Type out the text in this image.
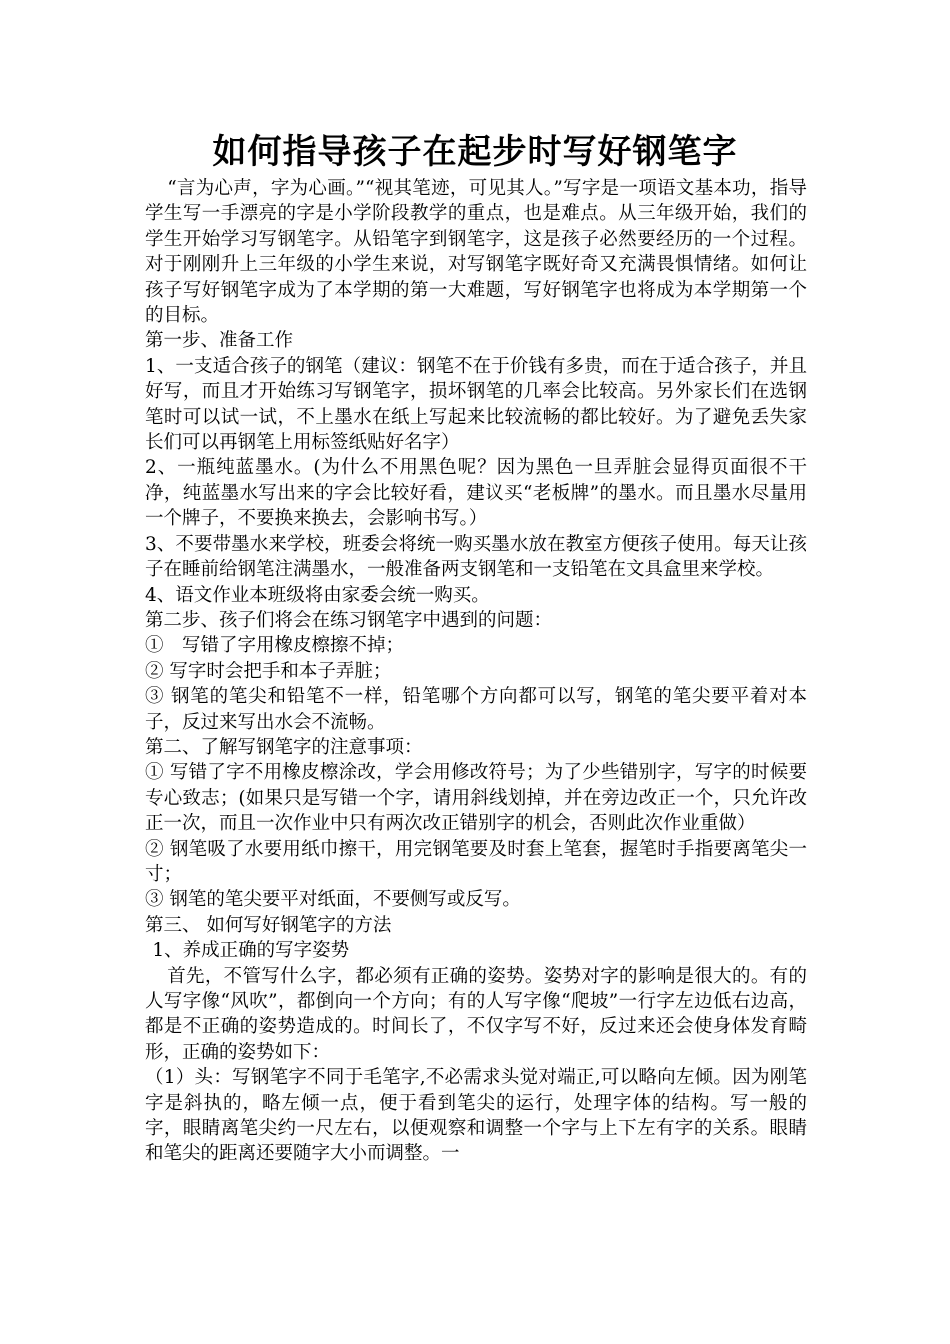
如何指导孩子在起步时写好钢笔字

“言为心声，字为心画。”“视其笔迹，可见其人。”写字是一项语文基本功，指导学生写一手漂亮的字是小学阶段教学的重点，也是难点。从三年级开始，我们的学生开始学习写钢笔字。从铅笔字到钢笔字，这是孩子必然要经历的一个过程。对于刚刚升上三年级的小学生来说，对写钢笔字既好奇又充满畏惧情绪。如何让孩子写好钢笔字成为了本学期的第一大难题，写好钢笔字也将成为本学期第一个的目标。

第一步、准备工作

1、一支适合孩子的钢笔（建议：钢笔不在于价钱有多贵，而在于适合孩子，并且好写，而且才开始练习写钢笔字，损坏钢笔的几率会比较高。另外家长们在选钢笔时可以试一试，不上墨水在纸上写起来比较流畅的都比较好。为了避免丢失家长们可以再钢笔上用标签纸贴好名字）

2、一瓶纯蓝墨水。(为什么不用黑色呢？因为黑色一旦弄脏会显得页面很不干净，纯蓝墨水写出来的字会比较好看，建议买“老板牌”的墨水。而且墨水尽量用一个牌子，不要换来换去，会影响书写。）

3、不要带墨水来学校，班委会将统一购买墨水放在教室方便孩子使用。每天让孩子在睡前给钢笔注满墨水，一般准备两支钢笔和一支铅笔在文具盒里来学校。

4、语文作业本班级将由家委会统一购买。

第二步、孩子们将会在练习钢笔字中遇到的问题：

①　写错了字用橡皮檫擦不掉；

② 写字时会把手和本子弄脏；

③ 钢笔的笔尖和铅笔不一样，铅笔哪个方向都可以写，钢笔的笔尖要平着对本子，反过来写出水会不流畅。

第二、了解写钢笔字的注意事项：

① 写错了字不用橡皮檫涂改，学会用修改符号；为了少些错别字，写字的时候要专心致志；(如果只是写错一个字，请用斜线划掉，并在旁边改正一个，只允许改正一次，而且一次作业中只有两次改正错别字的机会，否则此次作业重做）

② 钢笔吸了水要用纸巾擦干，用完钢笔要及时套上笔套，握笔时手指要离笔尖一寸；

③ 钢笔的笔尖要平对纸面，不要侧写或反写。

第三、 如何写好钢笔字的方法

1、养成正确的写字姿势

首先，不管写什么字，都必须有正确的姿势。姿势对字的影响是很大的。有的人写字像“风吹”，都倒向一个方向；有的人写字像“爬坡”一行字左边低右边高，都是不正确的姿势造成的。时间长了，不仅字写不好，反过来还会使身体发育畸形，正确的姿势如下：

（1）头：写钢笔字不同于毛笔字,不必需求头觉对端正,可以略向左倾。因为刚笔字是斜执的，略左倾一点，便于看到笔尖的运行，处理字体的结构。写一般的字，眼睛离笔尖约一尺左右，以便观察和调整一个字与上下左有字的关系。眼睛和笔尖的距离还要随字大小而调整。一
